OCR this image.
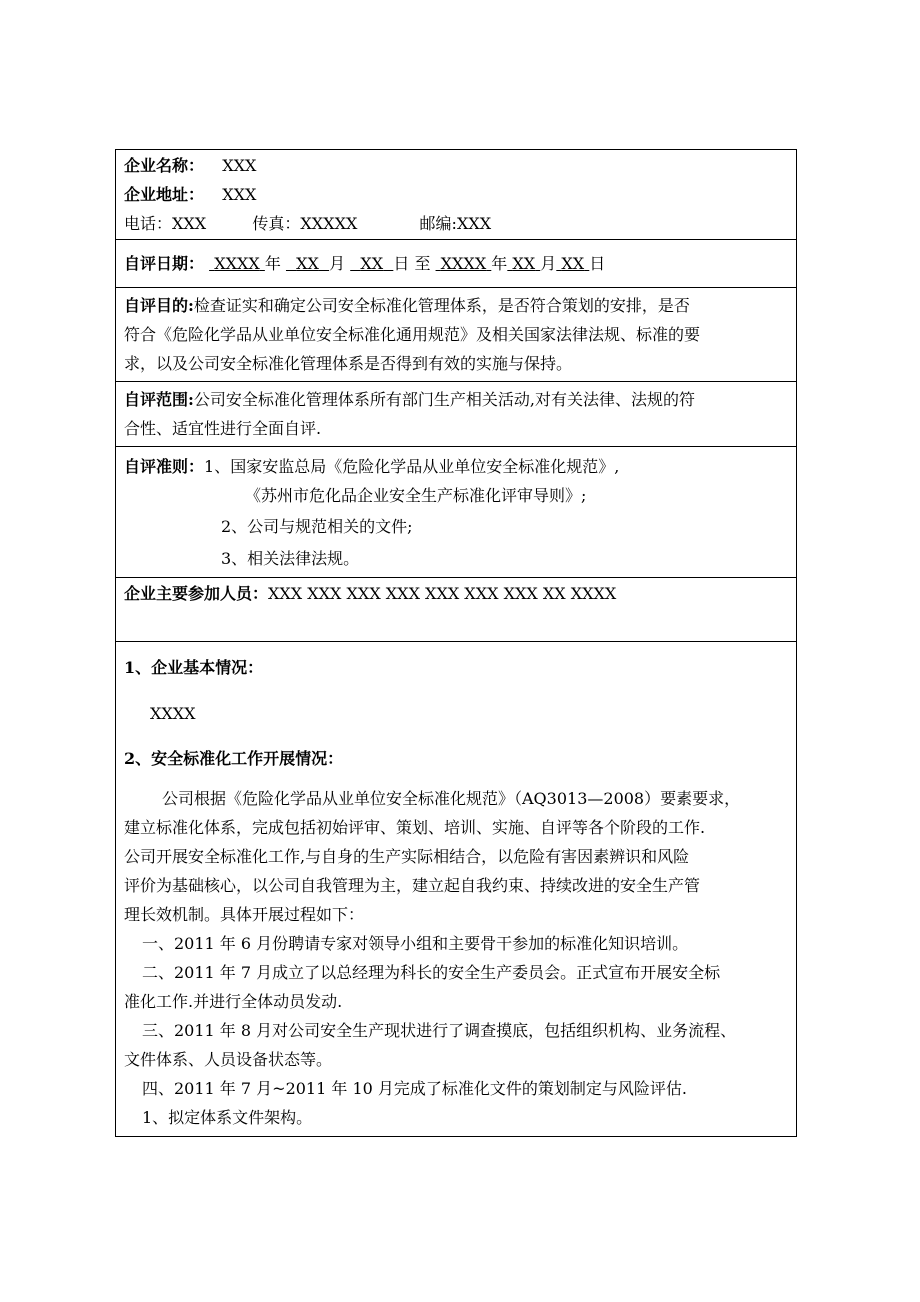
企业名称： XXX
企业地址： XXX
电话：XXX	传真：XXXXX	邮编:XXX
自评日期： XXXX 年 XX 月 XX 日 至 XXXX 年 XX 月 XX 日
自评目的:检查证实和确定公司安全标准化管理体系，是否符合策划的安排，是否
符合《危险化学品从业单位安全标准化通用规范》及相关国家法律法规、标准的要
求，以及公司安全标准化管理体系是否得到有效的实施与保持。
自评范围:公司安全标准化管理体系所有部门生产相关活动,对有关法律、法规的符
合性、适宜性进行全面自评.
自评准则：1、国家安监总局《危险化学品从业单位安全标准化规范》,
《苏州市危化品企业安全生产标准化评审导则》;
2、公司与规范相关的文件;
3、相关法律法规。
企业主要参加人员：XXX XXX XXX XXX XXX XXX XXX XX XXXX
1、企业基本情况：
XXXX
2、安全标准化工作开展情况：
公司根据《危险化学品从业单位安全标准化规范》（AQ3013—2008）要素要求，
建立标准化体系，完成包括初始评审、策划、培训、实施、自评等各个阶段的工作.
公司开展安全标准化工作,与自身的生产实际相结合，以危险有害因素辨识和风险
评价为基础核心，以公司自我管理为主，建立起自我约束、持续改进的安全生产管
理长效机制。具体开展过程如下：
一、2011 年 6 月份聘请专家对领导小组和主要骨干参加的标准化知识培训。
二、2011 年 7 月成立了以总经理为科长的安全生产委员会。正式宣布开展安全标
准化工作.并进行全体动员发动.
三、2011 年 8 月对公司安全生产现状进行了调查摸底，包括组织机构、业务流程、
文件体系、人员设备状态等。
四、2011 年 7 月~2011 年 10 月完成了标准化文件的策划制定与风险评估.
1、拟定体系文件架构。
